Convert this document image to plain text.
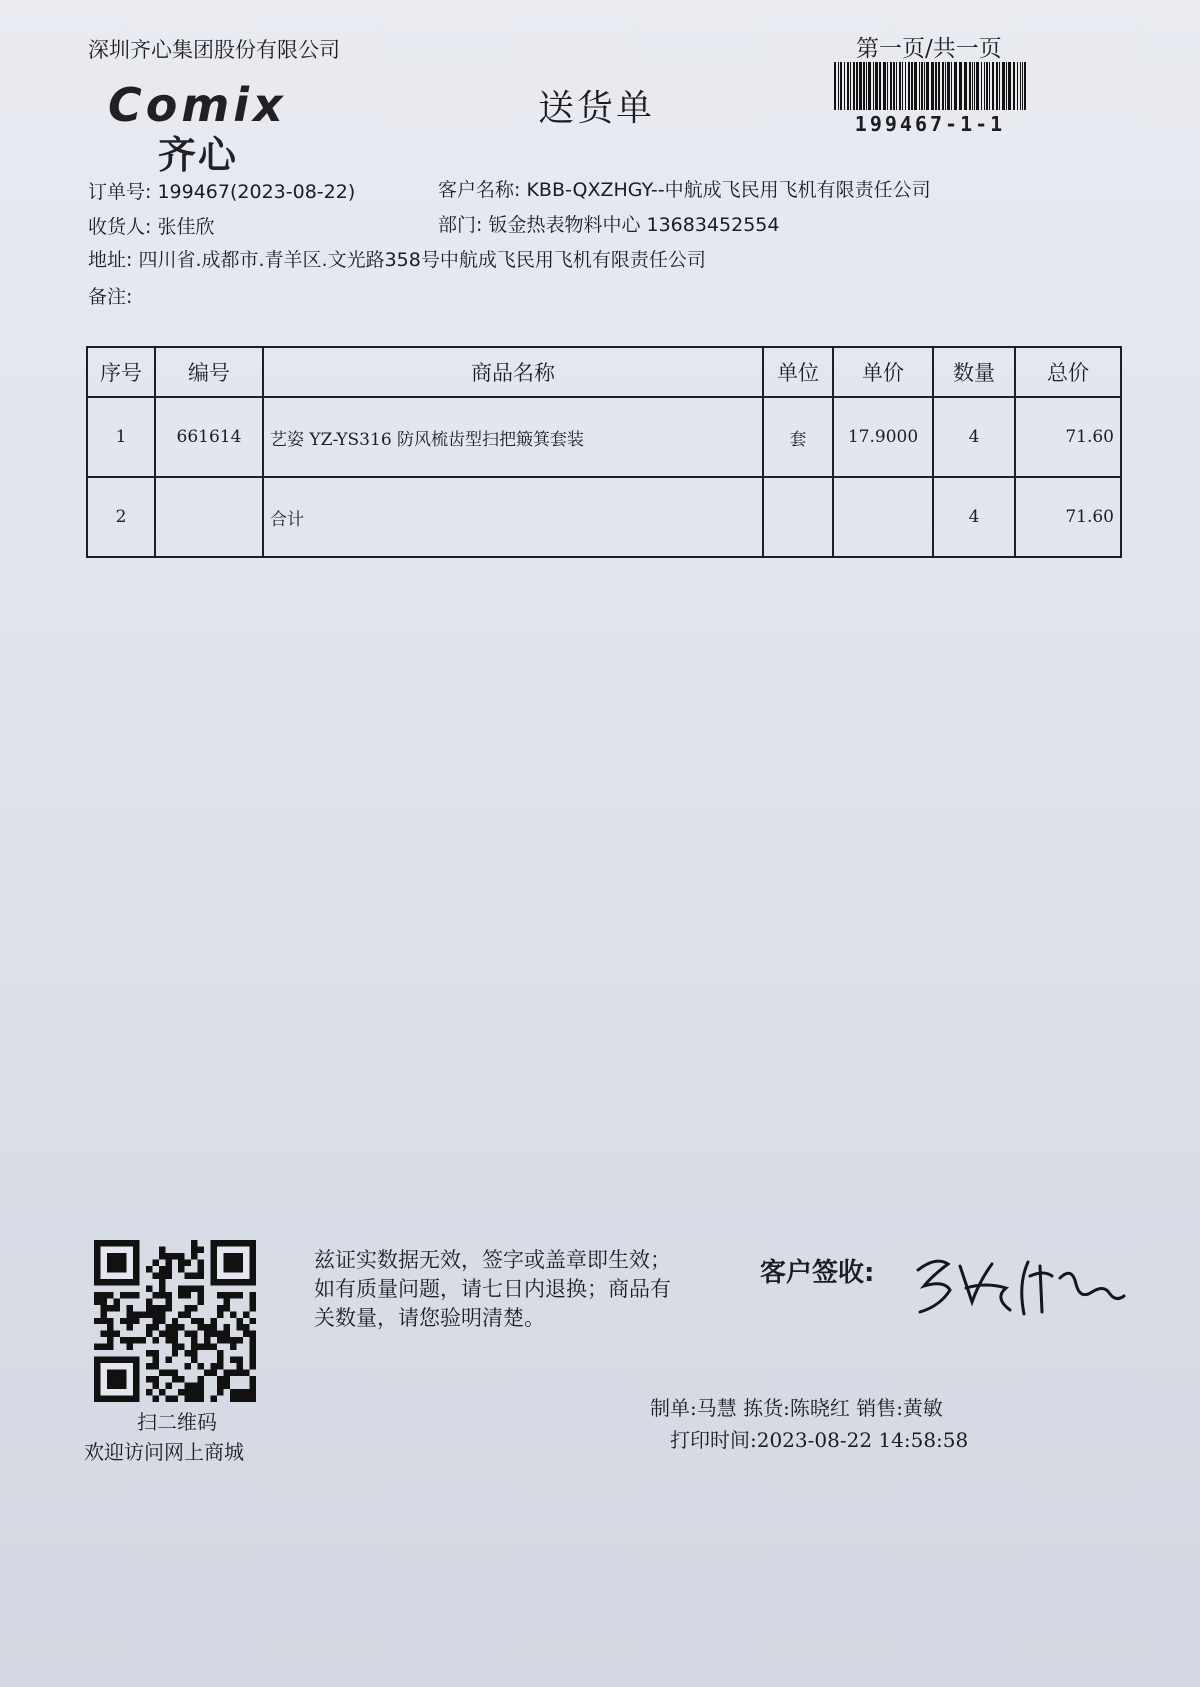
深圳齐心集团股份有限公司	第一页/共一页
199467-1-1
Comix
齐心
送货单
订单号: 199467(2023-08-22)	客户名称: KBB-QXZHGY--中航成飞民用飞机有限责任公司
收货人: 张佳欣	部门: 钣金热表物料中心 13683452554
地址: 四川省.成都市.青羊区.文光路358号中航成飞民用飞机有限责任公司
备注:
序号	编号	商品名称	单位	单价	数量	总价
1	661614	艺姿 YZ-YS316 防风梳齿型扫把簸箕套装	套	17.9000	4	71.60
2		合计			4	71.60
扫二维码
欢迎访问网上商城
兹证实数据无效，签字或盖章即生效；如有质量问题，请七日内退换；商品有关数量，请您验明清楚。
客户签收:
制单:马慧 拣货:陈晓红 销售:黄敏
打印时间:2023-08-22 14:58:58
